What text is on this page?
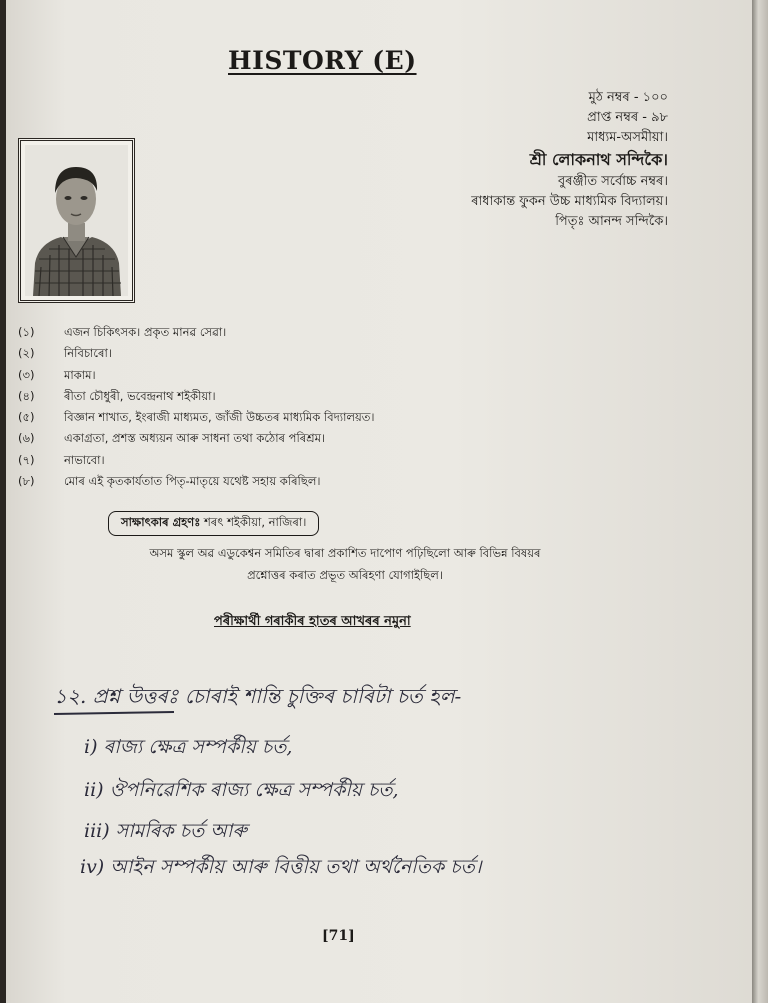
HISTORY (E)
মুঠ নম্বৰ - ১০০
প্ৰাপ্ত নম্বৰ - ৯৮
মাধ্যম-অসমীয়া।
শ্ৰী লোকনাথ সন্দিকৈ।
বুৰঞ্জীত সৰ্বোচ্চ নম্বৰ।
ৰাধাকান্ত ফুকন উচ্চ মাধ্যমিক বিদ্যালয়।
পিতৃঃ আনন্দ সন্দিকৈ।
(১)	এজন চিকিৎসক। প্ৰকৃত মানৱ সেৱা।
(২)	নিবিচাৰো।
(৩)	মাকাম।
(৪)	ৰীতা চৌধুৰী, ভবেন্দ্ৰনাথ শইকীয়া।
(৫)	বিজ্ঞান শাখাত, ইংৰাজী মাধ্যমত, জাঁজী উচ্চতৰ মাধ্যমিক বিদ্যালয়ত।
(৬)	একাগ্ৰতা, প্ৰশস্ত অধ্যয়ন আৰু সাধনা তথা কঠোৰ পৰিশ্ৰম।
(৭)	নাভাবো।
(৮)	মোৰ এই কৃতকাৰ্যতাত পিতৃ-মাতৃয়ে যথেষ্ট সহায় কৰিছিল।
সাক্ষাৎকাৰ গ্ৰহণঃ শৰৎ শইকীয়া, নাজিৰা।
অসম স্কুল অৱ এডুকেশ্বন সমিতিৰ দ্বাৰা প্ৰকাশিত দাপোণ পঢ়িছিলো আৰু বিভিন্ন বিষয়ৰ
প্ৰশ্নোত্তৰ কৰাত প্ৰভূত অৰিহণা যোগাইছিল।
পৰীক্ষাৰ্থী গৰাকীৰ হাতৰ আখৰৰ নমুনা
১২. প্ৰশ্ন উত্তৰঃ চোৰাই শান্তি চুক্তিৰ চাৰিটা চৰ্ত হল-
i) ৰাজ্য ক্ষেত্ৰ সম্পৰ্কীয় চৰ্ত,
ii) ঔপনিৱেশিক ৰাজ্য ক্ষেত্ৰ সম্পৰ্কীয় চৰ্ত,
iii) সামৰিক চৰ্ত আৰু
iv) আইন সম্পৰ্কীয় আৰু বিত্তীয় তথা অৰ্থনৈতিক চৰ্ত।
[71]
